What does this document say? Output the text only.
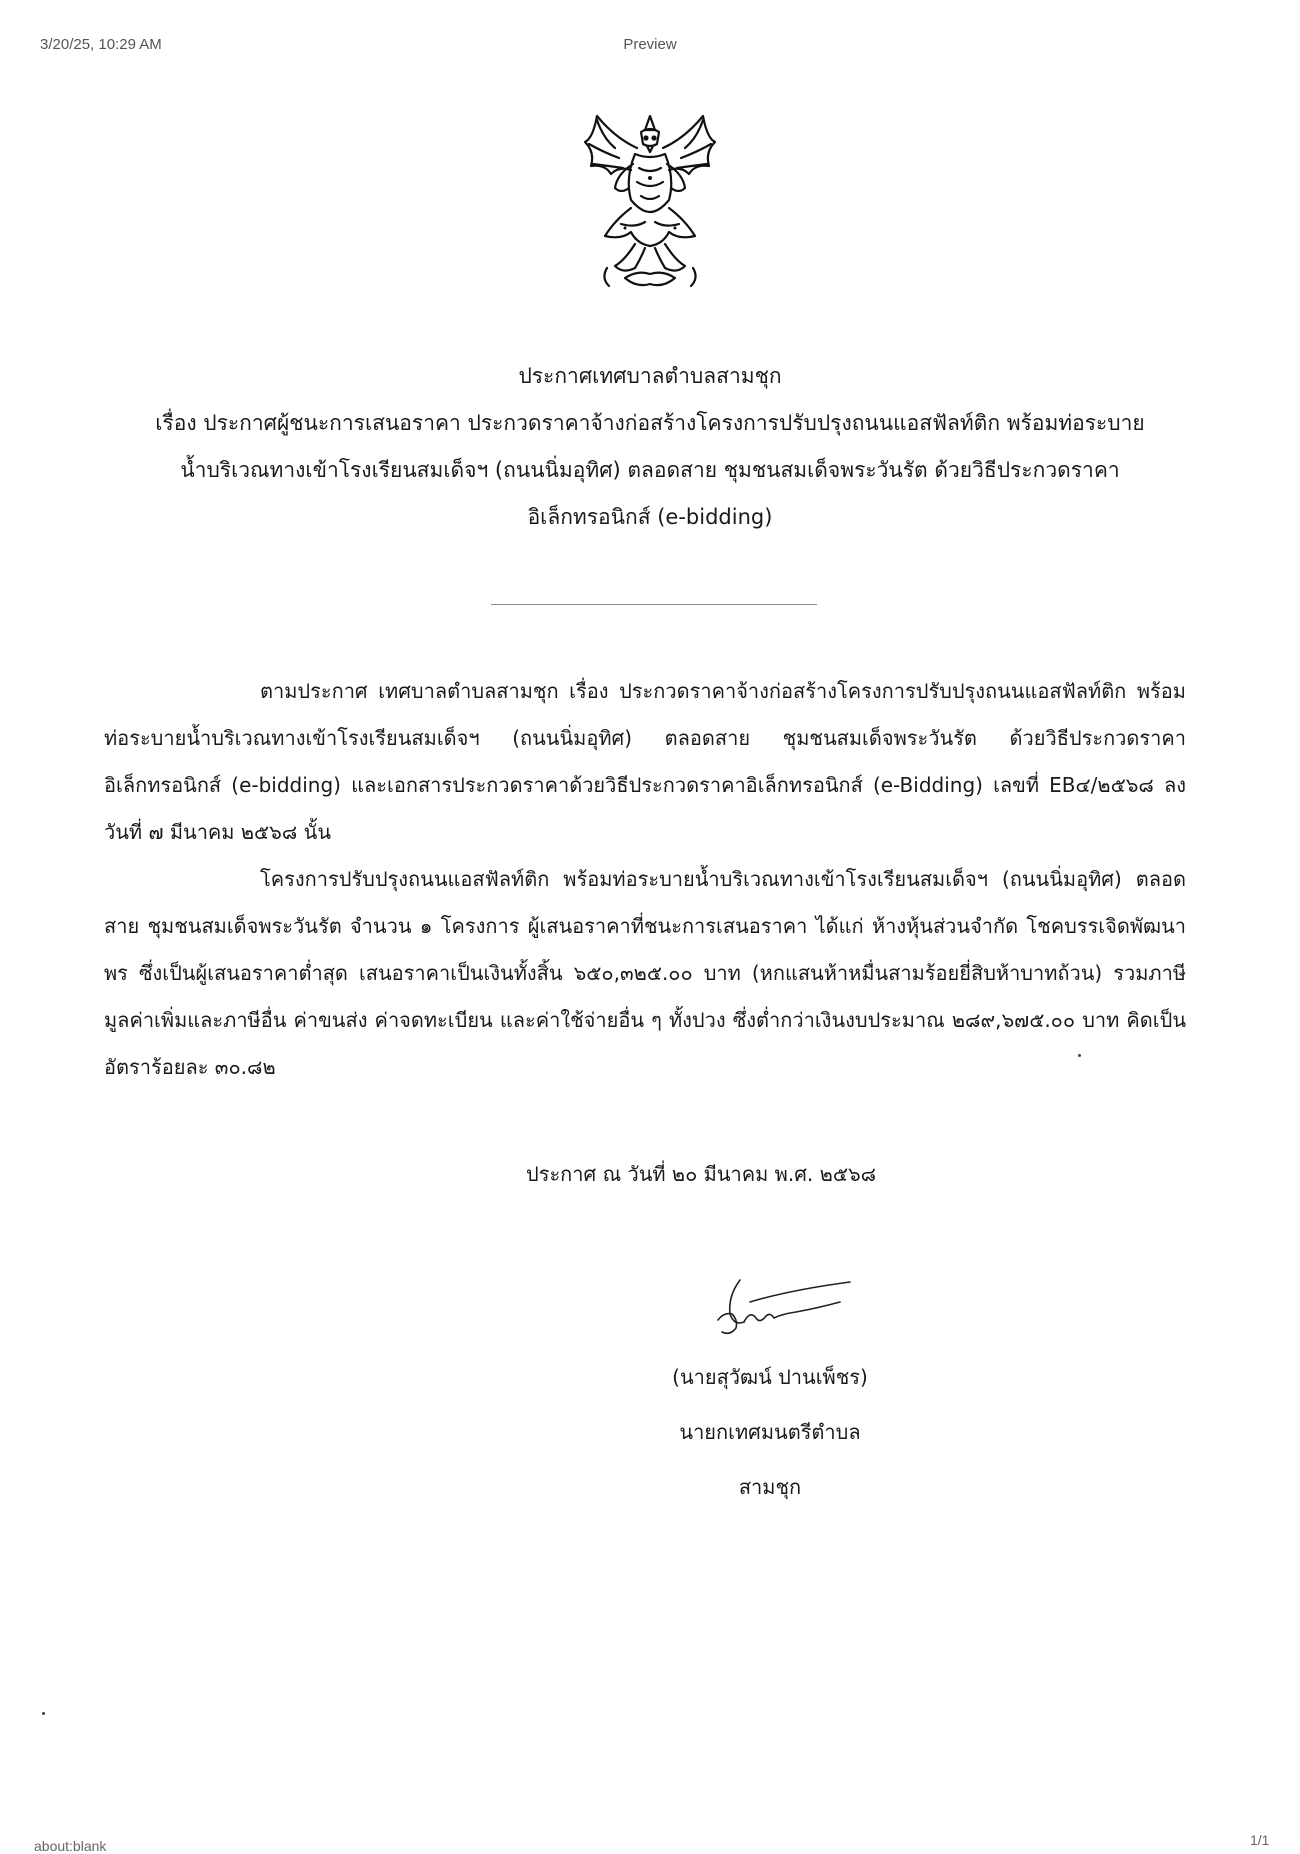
3/20/25, 10:29 AM	Preview
ประกาศเทศบาลตำบลสามชุก
เรื่อง ประกาศผู้ชนะการเสนอราคา ประกวดราคาจ้างก่อสร้างโครงการปรับปรุงถนนแอสฟัลท์ติก พร้อมท่อระบาย
น้ำบริเวณทางเข้าโรงเรียนสมเด็จฯ (ถนนนิ่มอุทิศ) ตลอดสาย ชุมชนสมเด็จพระวันรัต ด้วยวิธีประกวดราคา
อิเล็กทรอนิกส์ (e-bidding)

ตามประกาศ เทศบาลตำบลสามชุก เรื่อง ประกวดราคาจ้างก่อสร้างโครงการปรับปรุงถนนแอสฟัลท์ติก พร้อมท่อระบายน้ำบริเวณทางเข้าโรงเรียนสมเด็จฯ (ถนนนิ่มอุทิศ) ตลอดสาย ชุมชนสมเด็จพระวันรัต ด้วยวิธีประกวดราคาอิเล็กทรอนิกส์ (e-bidding) และเอกสารประกวดราคาด้วยวิธีประกวดราคาอิเล็กทรอนิกส์ (e-Bidding) เลขที่ EB๔/๒๕๖๘ ลงวันที่ ๗ มีนาคม ๒๕๖๘ นั้น

โครงการปรับปรุงถนนแอสฟัลท์ติก พร้อมท่อระบายน้ำบริเวณทางเข้าโรงเรียนสมเด็จฯ (ถนนนิ่มอุทิศ) ตลอดสาย ชุมชนสมเด็จพระวันรัต จำนวน ๑ โครงการ ผู้เสนอราคาที่ชนะการเสนอราคา ได้แก่ ห้างหุ้นส่วนจำกัด โชคบรรเจิดพัฒนาพร ซึ่งเป็นผู้เสนอราคาต่ำสุด เสนอราคาเป็นเงินทั้งสิ้น ๖๕๐,๓๒๕.๐๐ บาท (หกแสนห้าหมื่นสามร้อยยี่สิบห้าบาทถ้วน) รวมภาษีมูลค่าเพิ่มและภาษีอื่น ค่าขนส่ง ค่าจดทะเบียน และค่าใช้จ่ายอื่น ๆ ทั้งปวง ซึ่งต่ำกว่าเงินงบประมาณ ๒๘๙,๖๗๕.๐๐ บาท คิดเป็นอัตราร้อยละ ๓๐.๘๒

ประกาศ ณ วันที่ ๒๐ มีนาคม พ.ศ. ๒๕๖๘
(นายสุวัฒน์ ปานเพ็ชร)
นายกเทศมนตรีตำบลสามชุก
about:blank	1/1
